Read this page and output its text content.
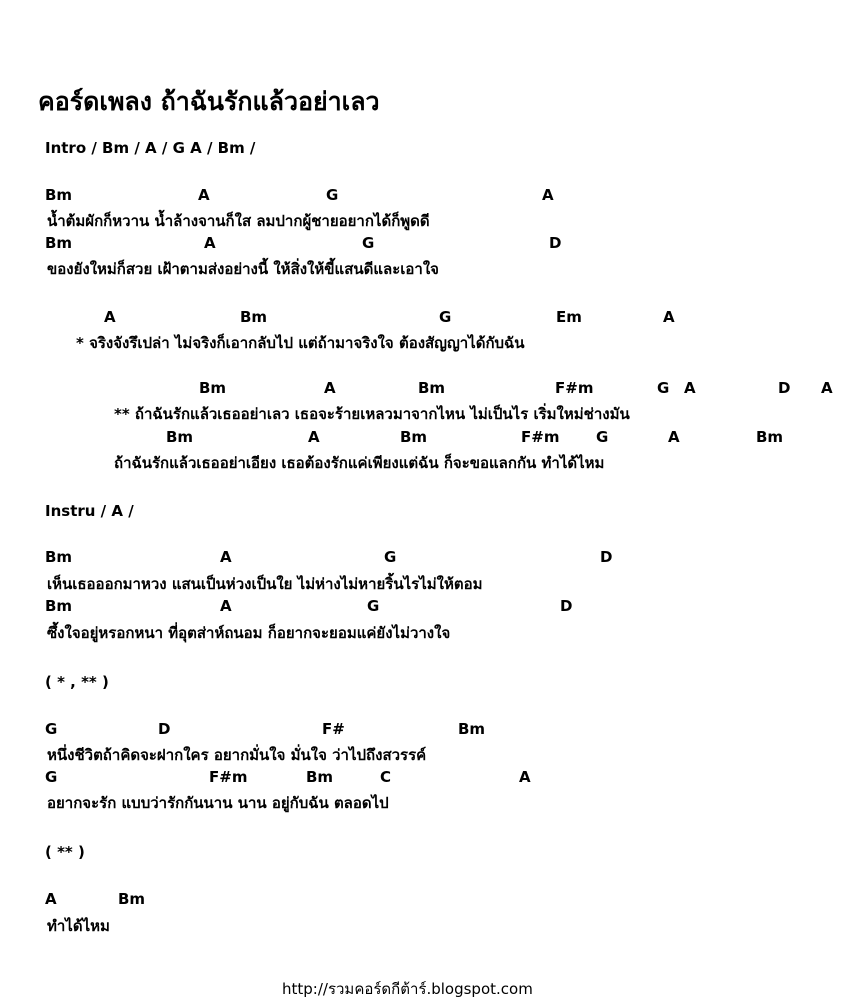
คอร์ดเพลง ถ้าฉันรักแล้วอย่าเลว
Intro / Bm / A / G A / Bm /
Bm	A	G	A
น้ำต้มผักก็หวาน น้ำล้างจานก็ใส ลมปากผู้ชายอยากได้ก็พูดดี
Bm	A	G	D
ของยังใหม่ก็สวย เฝ้าตามส่งอย่างนี้ ให้สิ่งให้ขี้แสนดีและเอาใจ
A	Bm	G	Em	A
* จริงจังรึเปล่า ไม่จริงก็เอากลับไป แต่ถ้ามาจริงใจ ต้องสัญญาได้กับฉัน
Bm	A	Bm	F#m	G A	D A
** ถ้าฉันรักแล้วเธออย่าเลว เธอจะร้ายเหลวมาจากไหน ไม่เป็นไร เริ่มใหม่ช่างมัน
Bm	A	Bm	F#m G	A	Bm
ถ้าฉันรักแล้วเธออย่าเอียง เธอต้องรักแค่เพียงแต่ฉัน ก็จะขอแลกกัน ทำได้ไหม
Instru / A /
Bm	A	G	D
เห็นเธอออกมาหวง แสนเป็นห่วงเป็นใย ไม่ห่างไม่หายริ้นไรไม่ให้ตอม
Bm	A	G	D
ซึ้งใจอยู่หรอกหนา ที่อุตส่าห์ถนอม ก็อยากจะยอมแค่ยังไม่วางใจ
( * , ** )
G	D	F#	Bm
หนึ่งชีวิตถ้าคิดจะฝากใคร อยากมั่นใจ มั่นใจ ว่าไปถึงสวรรค์
G	F#m	Bm	C	A
อยากจะรัก แบบว่ารักกันนาน นาน อยู่กับฉัน ตลอดไป
( ** )
A	Bm
ทำได้ไหม
http://รวมคอร์ดกีต้าร์.blogspot.com
